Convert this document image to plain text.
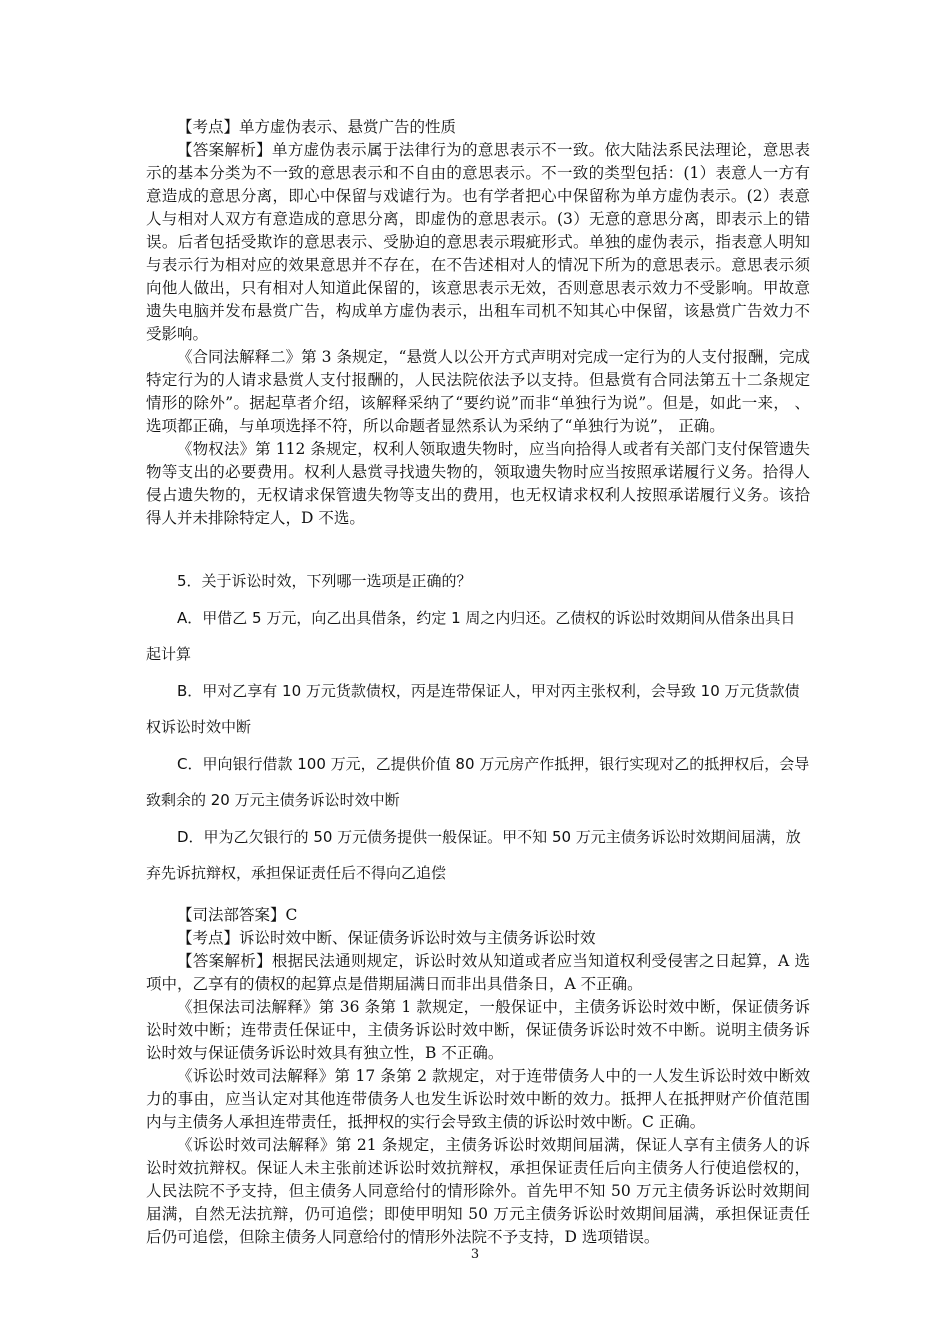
【考点】单方虚伪表示、悬赏广告的性质

【答案解析】单方虚伪表示属于法律行为的意思表示不一致。依大陆法系民法理论，意思表示的基本分类为不一致的意思表示和不自由的意思表示。不一致的类型包括：(1）表意人一方有意造成的意思分离，即心中保留与戏谑行为。也有学者把心中保留称为单方虚伪表示。(2）表意人与相对人双方有意造成的意思分离，即虚伪的意思表示。(3）无意的意思分离，即表示上的错误。后者包括受欺诈的意思表示、受胁迫的意思表示瑕疵形式。单独的虚伪表示，指表意人明知与表示行为相对应的效果意思并不存在，在不告述相对人的情况下所为的意思表示。意思表示须向他人做出，只有相对人知道此保留的，该意思表示无效，否则意思表示效力不受影响。甲故意遗失电脑并发布悬赏广告，构成单方虚伪表示，出租车司机不知其心中保留，该悬赏广告效力不受影响。

《合同法解释二》第 3 条规定，“悬赏人以公开方式声明对完成一定行为的人支付报酬，完成特定行为的人请求悬赏人支付报酬的，人民法院依法予以支持。但悬赏有合同法第五十二条规定情形的除外”。据起草者介绍，该解释采纳了“要约说”而非“单独行为说”。但是，如此一来， 、 选项都正确，与单项选择不符，所以命题者显然系认为采纳了“单独行为说”， 正确。

《物权法》第 112 条规定，权利人领取遗失物时，应当向拾得人或者有关部门支付保管遗失物等支出的必要费用。权利人悬赏寻找遗失物的，领取遗失物时应当按照承诺履行义务。拾得人侵占遗失物的，无权请求保管遗失物等支出的费用，也无权请求权利人按照承诺履行义务。该拾得人并未排除特定人，D 不选。

5．关于诉讼时效，下列哪一选项是正确的？

A．甲借乙 5 万元，向乙出具借条，约定 1 周之内归还。乙债权的诉讼时效期间从借条出具日起计算

B．甲对乙享有 10 万元货款债权，丙是连带保证人，甲对丙主张权利，会导致 10 万元货款债权诉讼时效中断

C．甲向银行借款 100 万元，乙提供价值 80 万元房产作抵押，银行实现对乙的抵押权后，会导致剩余的 20 万元主债务诉讼时效中断

D．甲为乙欠银行的 50 万元债务提供一般保证。甲不知 50 万元主债务诉讼时效期间届满，放弃先诉抗辩权，承担保证责任后不得向乙追偿

【司法部答案】C

【考点】诉讼时效中断、保证债务诉讼时效与主债务诉讼时效

【答案解析】根据民法通则规定，诉讼时效从知道或者应当知道权利受侵害之日起算，A 选项中，乙享有的债权的起算点是借期届满日而非出具借条日，A 不正确。

《担保法司法解释》第 36 条第 1 款规定，一般保证中，主债务诉讼时效中断，保证债务诉讼时效中断；连带责任保证中，主债务诉讼时效中断，保证债务诉讼时效不中断。说明主债务诉讼时效与保证债务诉讼时效具有独立性，B 不正确。

《诉讼时效司法解释》第 17 条第 2 款规定，对于连带债务人中的一人发生诉讼时效中断效力的事由，应当认定对其他连带债务人也发生诉讼时效中断的效力。抵押人在抵押财产价值范围内与主债务人承担连带责任，抵押权的实行会导致主债的诉讼时效中断。C 正确。

《诉讼时效司法解释》第 21 条规定，主债务诉讼时效期间届满，保证人享有主债务人的诉讼时效抗辩权。保证人未主张前述诉讼时效抗辩权，承担保证责任后向主债务人行使追偿权的，人民法院不予支持，但主债务人同意给付的情形除外。首先甲不知 50 万元主债务诉讼时效期间届满，自然无法抗辩，仍可追偿；即使甲明知 50 万元主债务诉讼时效期间届满，承担保证责任后仍可追偿，但除主债务人同意给付的情形外法院不予支持，D 选项错误。

3
